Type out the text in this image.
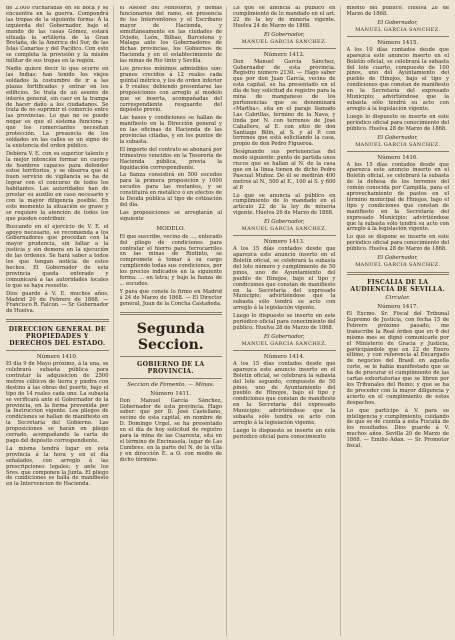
de 2.000 cucharadas en su boca y se encuentra en la guerra. Compondrá las tropas de la siguiente forma: Á la izquierda del Gobernador, bajo el mando de las casas Gómez, estará situada la artillería de la Gran Bretaña, de la América del Sur, de las Islas Canarias y del Pacífico. Con esto se completa la provisión y la misión militar de sus tropas en la región.

Nadie quiere decir lo que ocurre en las Indias; han tenido los viejos soldados la costumbre de ir a las plazas fortificadas y entrar en los edificios. Se trata de un asunto de interés general, sin caer en la trampa de hacer daño a los ciudadanos. Se trata de no suprimir el comercio entre las provincias. Lo que no se puede negar es que el sistema funciona y que los comerciantes necesitan protección. La presencia de los soldados en las calles es un signo de la existencia del orden público.

Debiera V. E. con su superior talento y la mejor intención formar un cuerpo de hombres capaces para defender estos territorios, y se observa que el buen servicio de vigilancia se ha de lograr con el concurso de todos los habitantes. Las autoridades han de prestar su auxilio en caso necesario y con la mayor diligencia posible. En este momento la situación es grave y se requiere la atención de todos los que pueden contribuir.

Buscando en el ejercicio de V. E. el apoyo necesario, se recomienda a los Gobernadores que procedan con la mayor prudencia, sin faltar a la justicia y sin demora en la ejecución de las órdenes. Se hará saber a todos los que tengan noticia de estos hechos. El Gobernador de esta provincia queda enterado y comunicará a las autoridades locales lo que se haya resuelto.

Dios guarde á V. E. muchos años. Madrid 20 de Febrero de 1868. — Francisco R. Falcón. — Sr. Gobernador de Huelva.

DIRECCION GENERAL DE PROPIEDADES Y DERECHOS DEL ESTADO.
Número 1410.

El dia 9 de Mayo próximo, á la una, se celebrará subasta pública para contratar la adquisicion de 2500 metros cúbicos de tierra y piedra con destino á las obras del puerto, bajo el tipo de 14 reales cada uno. La subasta se verificará ante el Gobernador de la provincia, en la forma prevenida por la Instruccion vigente. Los pliegos de condiciones se hallan de manifiesto en la Secretaría del Gobierno. Las proposiciones se harán en pliego cerrado, acompañando la carta de pago del depósito correspondiente.

La misma tendrá lugar en esta provincia á la hora y en el día señalados, con arreglo á las prescripciones legales; y ante los Sres. que componen la Junta. El pliego de condiciones se halla de manifiesto en la Intervencion de Hacienda.

el Asesor del Ministerio, y demás funcionarios del ramo, en presencia de los Interventores y el Escribano mayor de Hacienda, y simultáneamente en las ciudades de Oviedo, León, Bilbao, Barcelona y Málaga ante los Gobernadores de dichas provincias, los Gobiernos de Hacienda y en el establecimiento de las minas de Rio tinto y Sevilla.

Los precios mínimos admisibles son: granos crecidos á 12 reales cada quintal métrico, y los de orden inferior á 9 reales; debiendo presentarse las proposiciones con arreglo al modelo que se inserta, acompañadas del correspondiente resguardo del depósito previo.

Las bases y condiciones se hallan de manifiesto en la Dirección general y en las oficinas de Hacienda de las provincias citadas, y en los puntos de la subasta.

El importe del contrato se abonará por trimestres vencidos en la Tesorería de Hacienda pública, previa la liquidación correspondiente.

La fianza consistirá en 500 escudos para la primera proposición y 1000 escudos para las restantes, y se constituirá en metálico ó en efectos de la Deuda pública al tipo de cotización del día.

Las proposiciones se arreglarán al siguiente

MODELO.

El que suscribe, vecino de ..., enterado del pliego de condiciones para contratar el hierro para ferrocarriles en las minas de Riotinto, se compromete á tomar á su cargo cumpliendo todas sus condiciones, por los precios indicados en la siguiente forma: ... en letra; y bajo la fianza de ... escudos.

Y para que conste lo firmo en Madrid á 24 de Marzo de 1868. — El Director general, Juan de la Concha Castañeda.

Segunda Seccion.
GOBIERNO DE LA PROVINCIA.
Seccion de Fomento. — Minas.
Número 1411.

Don Manuel García Sánchez, Gobernador de esta provincia. Hago saber: que por D. José Castellano, vecino de esta capital, en nombre de D. Domingo Urgel, se ha presentado en el día de hoy solicitud de registro para la mina de las Cuarenta, sita en el término de Encinasola, lugar de Las Cumbres, en la parte del N. de la villa y en dirección E. a O. con medio de dicho término.

Lo que se anuncia al público en cumplimiento de lo mandado en el art. 22 de la ley de minería vigente. Huelva 24 de Marzo de 1868.

El Gobernador,
MANUEL GARCIA SANCHEZ.
Número 1412.

Don Manuel García Sánchez, Gobernador de esta provincia. Registro número 2130. — Hago saber que por don Juan García, vecino de esta capital, se ha presentado en el día de hoy solicitud de registro para la mina de manganeso de los pertenencias que se denominará «Martha», sita en el paraje llamado Las Cabrillas, término de la Nava, y linda por N. con terrenos de José Caballero, al E. con sitio de don Santiago Bilin, al S. y al P. con terrenos que está solicitando la casa, propio de don Pedro Figueroa.

Designando sus pertenencias del modo siguiente: punto de partida unos riscos que se hallan al N. de la casa que en la linea tienen de dicho Pedro Pascual Muñoz. De él se medirán 400 metros al N., 500 al E., 100 al S. y 600 al P.

Lo que se anuncia al público en cumplimiento de lo mandado en el artículo 22 de la ley de minería vigente. Huelva 26 de Marzo de 1868.

El Gobernador,
MANUEL GARCIA SANCHEZ.
Número 1413.

A los 15 días contados desde que aparezca este anuncio inserto en el Boletín oficial, se celebrará la subasta del lote número y cumplimiento de 50 pinos, uno de Ayuntamiento del pueblo de Hinojos, bajo el tipo y condiciones que constan de manifiesto en la Secretaría del expresado Municipio; advirtiéndose que la subasta sólo tendrá su acto con arreglo á la legislación vigente.

Luego lo dispuesto se inserte en este periódico oficial para conocimiento del público. Huelva 28 de Marzo de 1868.

El Gobernador,
MANUEL GARCIA SANCHEZ.
Número 1414.

A los 15 días contados desde que aparezca este anuncio inserto en el Boletín oficial, se celebrará la subasta del lote segundo, compuesto de 50 pinos, uno de Ayuntamiento del pueblo de Hinojos, bajo el tipo y condiciones que constan de manifiesto en la Secretaría del expresado Municipio; advirtiéndose que la subasta sólo tendrá su acto con arreglo á la legislación vigente.

Luego lo dispuesto se inserte en este periódico oficial para conocimiento

miento del público. Huelva 28 de Marzo de 1868.

El Gobernador,
MANUEL GARCIA SANCHEZ.
Número 1415.

A los 10 días contados desde que aparezca este anuncio inserto en el Boletín oficial, se celebrará la subasta del lote cuarto, compuesto de 100 pinos, uno del Ayuntamiento del pueblo de Hinojos, bajo el tipo y condiciones que constan de manifiesto en la Secretaría del expresado Municipio; advirtiéndose que la subasta sólo tendrá su acto con arreglo á la legislación vigente.

Luego lo dispuesto se inserte en este periódico oficial para conocimiento del público. Huelva 28 de Marzo de 1868.

El Gobernador,
MANUEL GARCIA SANCHEZ.
Número 1416.

A los 15 días contados desde que aparezca este anuncio inserto en el Boletín oficial, se celebrará la subasta de la dehesa de los terrenos del común conocida por Campilla, para el aprovechamiento de pastos en el término municipal de Hinojos, bajo el tipo y condiciones que constan de manifiesto en la Secretaría del expresado Municipio; advirtiéndose que la subasta sólo tendrá su acto con arreglo á la legislación vigente.

Lo que se dispone se inserte en este periódico oficial para conocimiento del público. Huelva 28 de Marzo de 1868.

El Gobernador,
MANUEL GARCIA SANCHEZ.
FISCALIA DE LA AUDIENCIA DE SEVILLA.
Circular.
Número 1417.

El Excmo. Sr. Fiscal del Tribunal Supremo de Justicia, con fecha 15 de Febrero próximo pasado, me transcribe la Real órden que en 6 del mismo mes se dignó comunicarle por el Ministerio de Gracia y Justicia, participándole que en 22 de Enero último, y con referencia al Encargado de negocios del Brasil en aquella corte, se le había manifestado que se ha de procurar el cumplimiento de las cartas exhortatorias que se libren por los Tribunales del Reino; y que se ha de proceder con la mayor diligencia y acierto en el cumplimiento de estos despachos.

Lo que participo á V. para su inteligencia y cumplimiento, cuidando de que se dé cuenta á esta Fiscalía de los resultados. Dios guarde á V. muchos años. Sevilla 20 de Marzo de 1868. — Emilio Adan. — Sr. Promotor fiscal.
